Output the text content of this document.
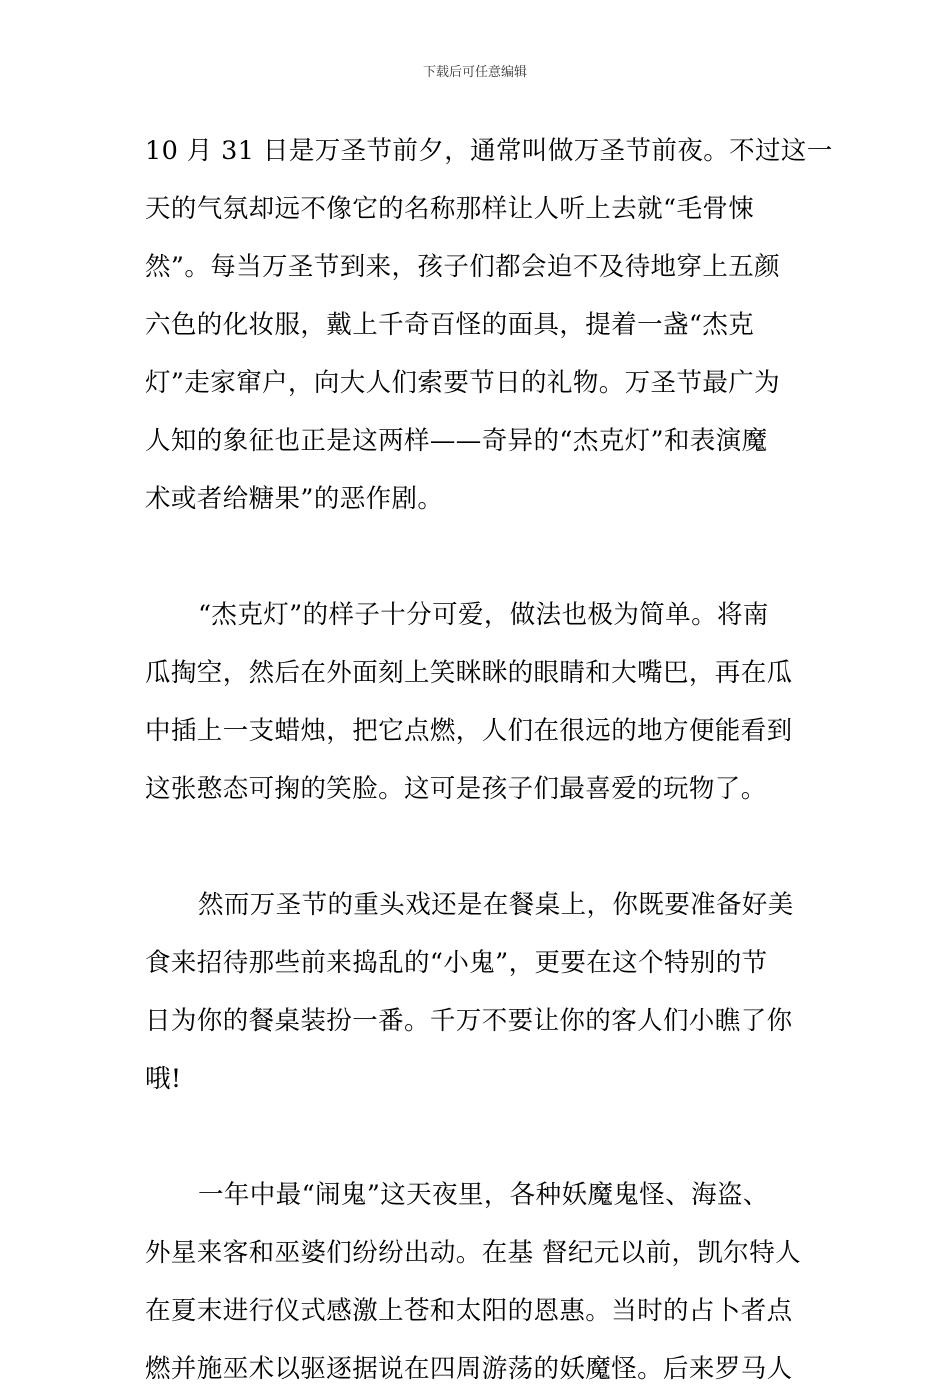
下载后可任意编辑
10 月 31 日是万圣节前夕，通常叫做万圣节前夜。不过这一
天的气氛却远不像它的名称那样让人听上去就“毛骨悚
然”。每当万圣节到来，孩子们都会迫不及待地穿上五颜
六色的化妆服，戴上千奇百怪的面具，提着一盏“杰克
灯”走家窜户，向大人们索要节日的礼物。万圣节最广为
人知的象征也正是这两样——奇异的“杰克灯”和表演魔
术或者给糖果”的恶作剧。
“杰克灯”的样子十分可爱，做法也极为简单。将南
瓜掏空，然后在外面刻上笑眯眯的眼睛和大嘴巴，再在瓜
中插上一支蜡烛，把它点燃，人们在很远的地方便能看到
这张憨态可掬的笑脸。这可是孩子们最喜爱的玩物了。
然而万圣节的重头戏还是在餐桌上，你既要准备好美
食来招待那些前来捣乱的“小鬼”，更要在这个特别的节
日为你的餐桌装扮一番。千万不要让你的客人们小瞧了你
哦!
一年中最“闹鬼”这天夜里，各种妖魔鬼怪、海盗、
外星来客和巫婆们纷纷出动。在基 督纪元以前，凯尔特人
在夏末进行仪式感激上苍和太阳的恩惠。当时的占卜者点
燃并施巫术以驱逐据说在四周游荡的妖魔怪。后来罗马人
